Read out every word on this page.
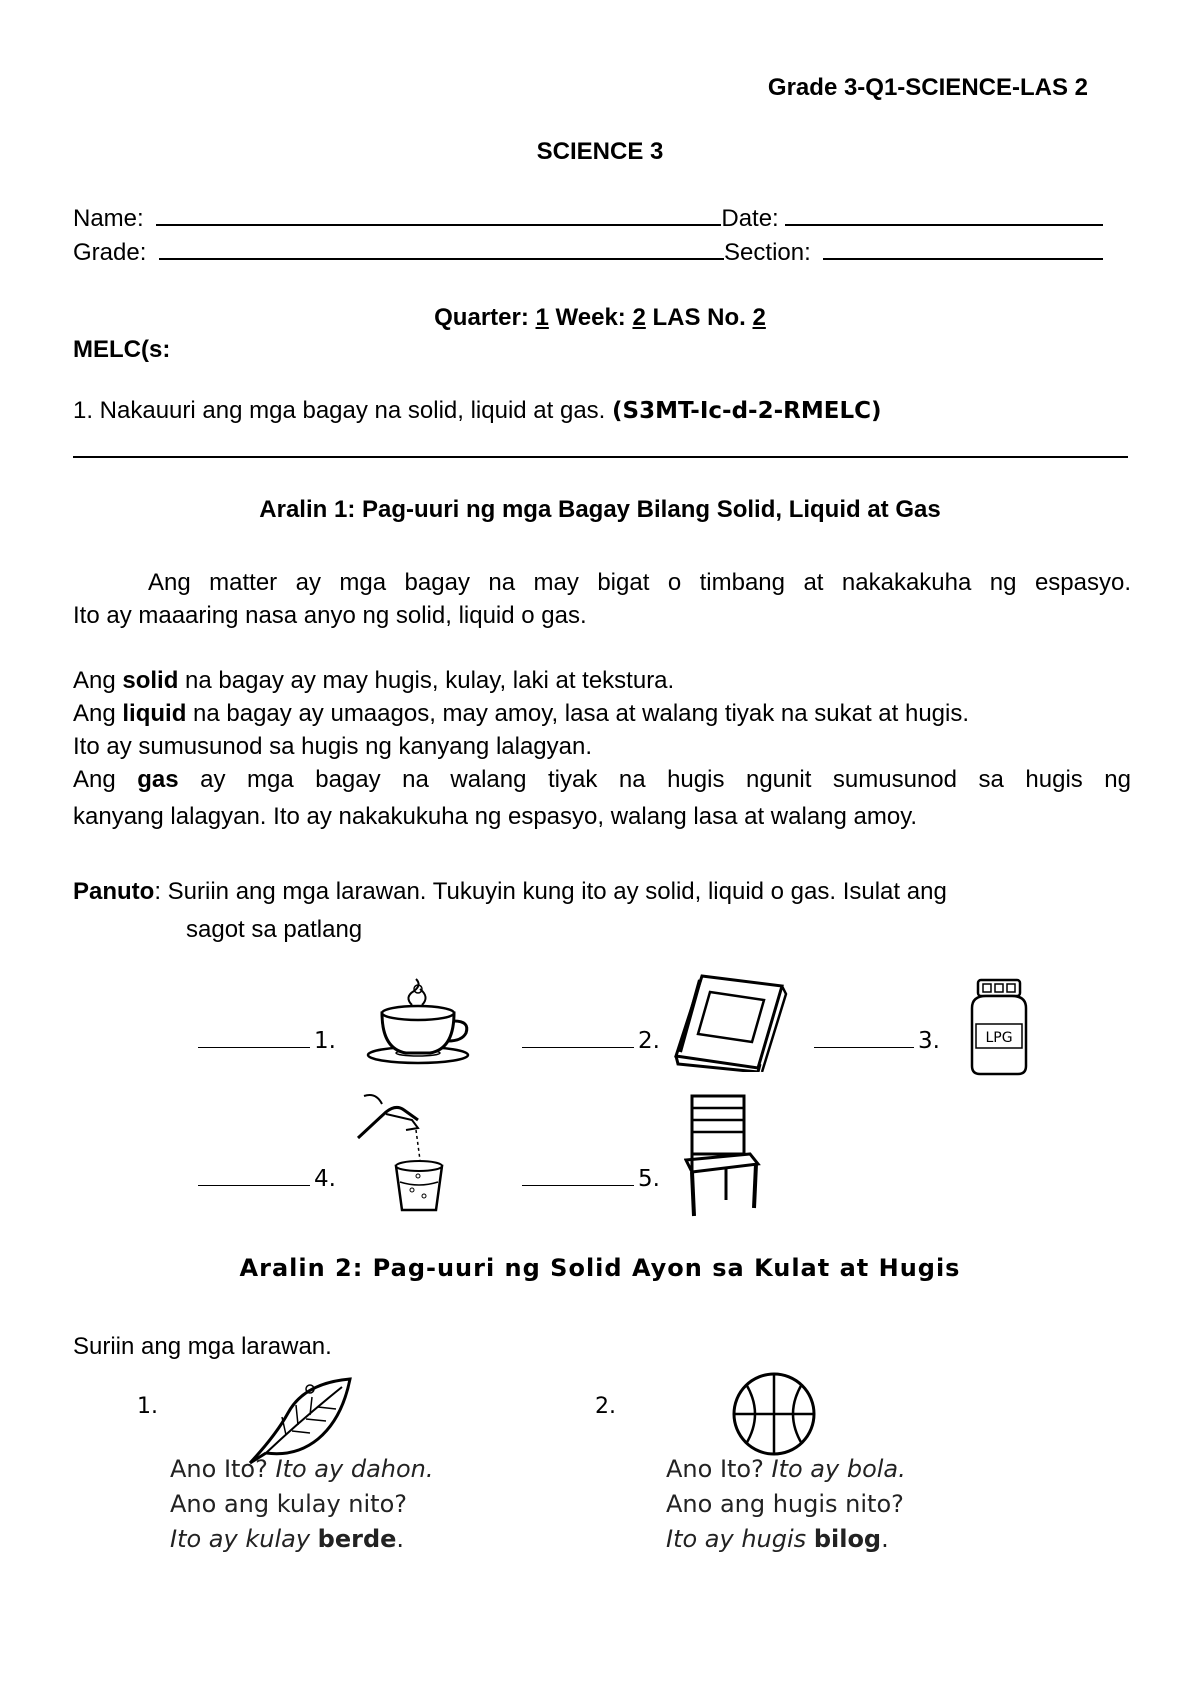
Grade 3-Q1-SCIENCE-LAS 2
SCIENCE 3
Name:	Date:
Grade:	Section:
Quarter: 1 Week: 2 LAS No. 2
MELC(s:
1. Nakauuri ang mga bagay na solid, liquid at gas. (S3MT-Ic-d-2-RMELC)
Aralin 1: Pag-uuri ng mga Bagay Bilang Solid, Liquid at Gas
Ang matter ay mga bagay na may bigat o timbang at nakakakuha ng espasyo.
Ito ay maaaring nasa anyo ng solid, liquid o gas.
Ang solid na bagay ay may hugis, kulay, laki at tekstura.
Ang liquid na bagay ay umaagos, may amoy, lasa at walang tiyak na sukat at hugis.
Ito ay sumusunod sa hugis ng kanyang lalagyan.
Ang gas ay mga bagay na walang tiyak na hugis ngunit sumusunod sa hugis ng
kanyang lalagyan. Ito ay nakakukuha ng espasyo, walang lasa at walang amoy.
Panuto: Suriin ang mga larawan. Tukuyin kung ito ay solid, liquid o gas. Isulat ang
sagot sa patlang
1.	2.	3.	LPG
4.	5.
Aralin 2: Pag-uuri ng Solid Ayon sa Kulat at Hugis
Suriin ang mga larawan.
1.
Ano Ito? Ito ay dahon.
Ano ang kulay nito?
Ito ay kulay berde.
2.
Ano Ito? Ito ay bola.
Ano ang hugis nito?
Ito ay hugis bilog.
